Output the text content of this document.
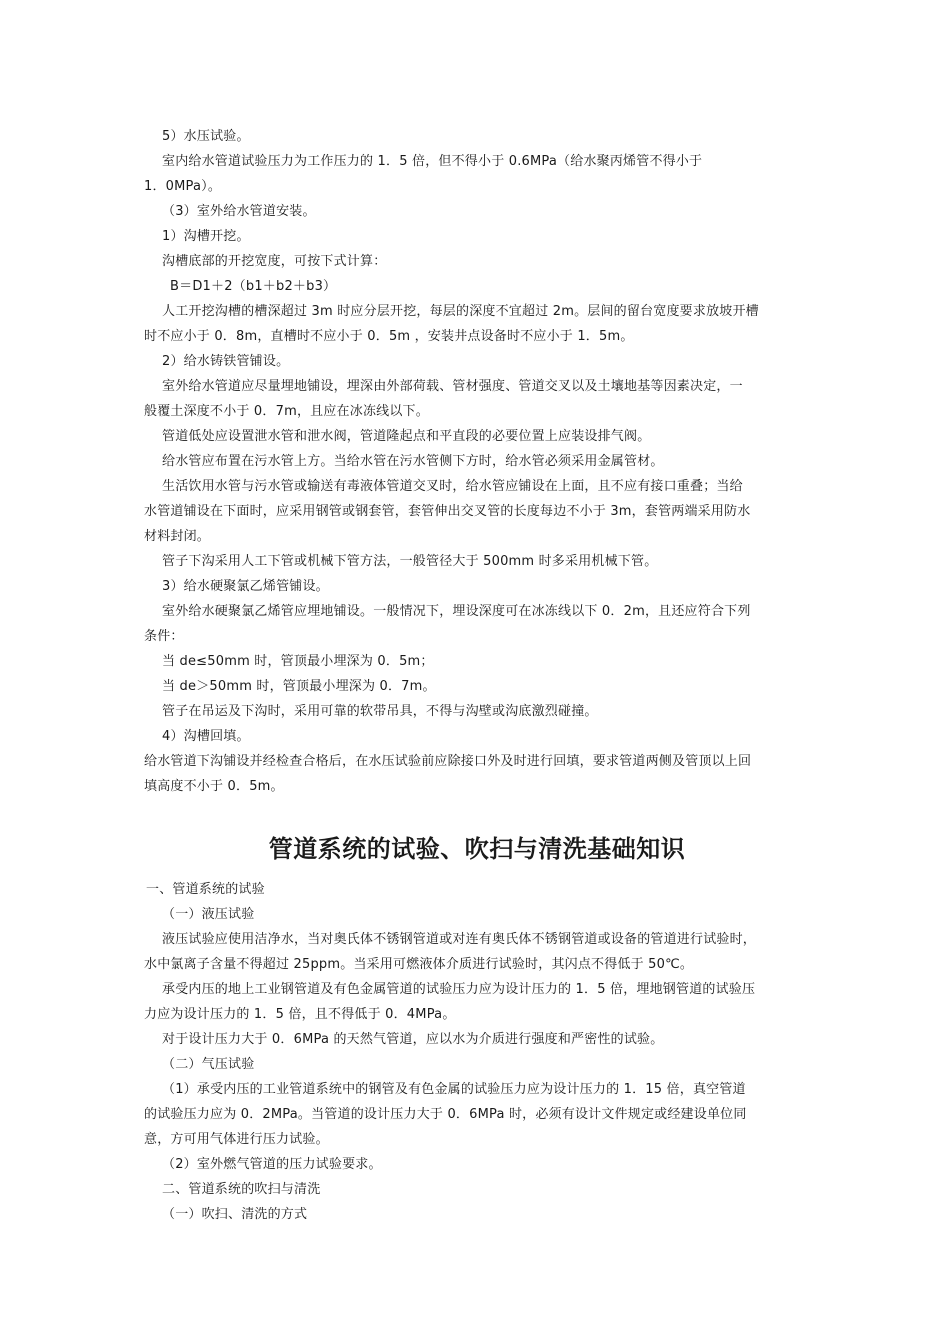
5）水压试验。
室内给水管道试验压力为工作压力的 1．5 倍，但不得小于 0.6MPa（给水聚丙烯管不得小于
1．0MPa）。
（3）室外给水管道安装。
1）沟槽开挖。
沟槽底部的开挖宽度，可按下式计算：
B＝D1＋2（b1＋b2＋b3）
人工开挖沟槽的槽深超过 3m 时应分层开挖，每层的深度不宜超过 2m。层间的留台宽度要求放坡开槽
时不应小于 0．8m，直槽时不应小于 0．5m ，安装井点设备时不应小于 1．5m。
2）给水铸铁管铺设。
室外给水管道应尽量埋地铺设，埋深由外部荷载、管材强度、管道交叉以及土壤地基等因素决定，一
般覆土深度不小于 0．7m，且应在冰冻线以下。
管道低处应设置泄水管和泄水阀，管道隆起点和平直段的必要位置上应装设排气阀。
给水管应布置在污水管上方。当给水管在污水管侧下方时，给水管必须采用金属管材。
生活饮用水管与污水管或输送有毒液体管道交叉时，给水管应铺设在上面，且不应有接口重叠；当给
水管道铺设在下面时，应采用钢管或钢套管，套管伸出交叉管的长度每边不小于 3m，套管两端采用防水
材料封闭。
管子下沟采用人工下管或机械下管方法，一般管径大于 500mm 时多采用机械下管。
3）给水硬聚氯乙烯管铺设。
室外给水硬聚氯乙烯管应埋地铺设。一般情况下，埋设深度可在冰冻线以下 0．2m，且还应符合下列
条件：
当 de≤50mm 时，管顶最小埋深为 0．5m；
当 de＞50mm 时，管顶最小埋深为 0．7m。
管子在吊运及下沟时，采用可靠的软带吊具，不得与沟壁或沟底激烈碰撞。
4）沟槽回填。
给水管道下沟铺设并经检查合格后，在水压试验前应除接口外及时进行回填，要求管道两侧及管顶以上回
填高度不小于 0．5m。
管道系统的试验、吹扫与清洗基础知识
一、管道系统的试验
（一）液压试验
液压试验应使用洁净水，当对奥氏体不锈钢管道或对连有奥氏体不锈钢管道或设备的管道进行试验时，
水中氯离子含量不得超过 25ppm。当采用可燃液体介质进行试验时，其闪点不得低于 50℃。
承受内压的地上工业钢管道及有色金属管道的试验压力应为设计压力的 1．5 倍，埋地钢管道的试验压
力应为设计压力的 1．5 倍，且不得低于 0．4MPa。
对于设计压力大于 0．6MPa 的天然气管道，应以水为介质进行强度和严密性的试验。
（二）气压试验
（1）承受内压的工业管道系统中的钢管及有色金属的试验压力应为设计压力的 1．15 倍，真空管道
的试验压力应为 0．2MPa。当管道的设计压力大于 0．6MPa 时，必须有设计文件规定或经建设单位同
意，方可用气体进行压力试验。
（2）室外燃气管道的压力试验要求。
二、管道系统的吹扫与清洗
（一）吹扫、清洗的方式
